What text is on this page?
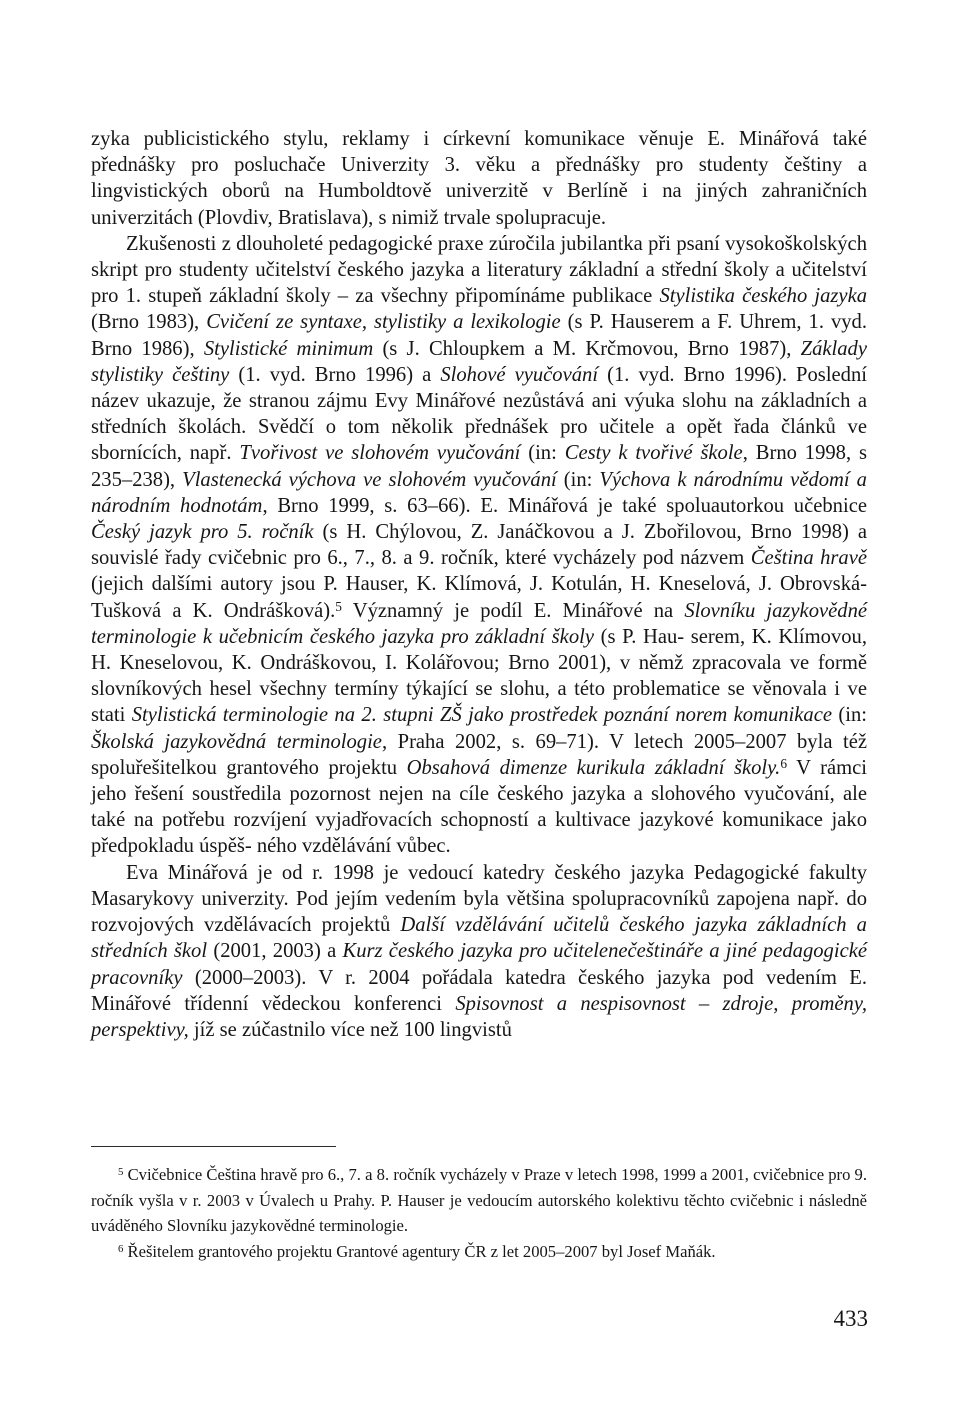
zyka publicistického stylu, reklamy i církevní komunikace věnuje E. Minářová také přednášky pro posluchače Univerzity 3. věku a přednášky pro studenty češtiny a lingvistických oborů na Humboldtově univerzitě v Berlíně i na jiných zahraničních univerzitách (Plovdiv, Bratislava), s nimiž trvale spolupracuje.

Zkušenosti z dlouholeté pedagogické praxe zúročila jubilantka při psaní vysokoškolských skript pro studenty učitelství českého jazyka a literatury základní a střední školy a učitelství pro 1. stupeň základní školy – za všechny připomínáme publikace Stylistika českého jazyka (Brno 1983), Cvičení ze syntaxe, stylistiky a lexikologie (s P. Hauserem a F. Uhrem, 1. vyd. Brno 1986), Stylistické minimum (s J. Chloupkem a M. Krčmovou, Brno 1987), Základy stylistiky češtiny (1. vyd. Brno 1996) a Slohové vyučování (1. vyd. Brno 1996). Poslední název ukazuje, že stranou zájmu Evy Minářové nezůstává ani výuka slohu na základních a středních školách. Svědčí o tom několik přednášek pro učitele a opět řada článků ve sbornících, např. Tvořivost ve slohovém vyučování (in: Cesty k tvořivé škole, Brno 1998, s 235–238), Vlastenecká výchova ve slohovém vyučování (in: Výchova k národnímu vědomí a národním hodnotám, Brno 1999, s. 63–66). E. Minářová je také spoluautorkou učebnice Český jazyk pro 5. ročník (s H. Chýlovou, Z. Janáčkovou a J. Zbořilovou, Brno 1998) a souvislé řady cvičebnic pro 6., 7., 8. a 9. ročník, které vycházely pod názvem Čeština hravě (jejich dalšími autory jsou P. Hauser, K. Klímová, J. Kotulán, H. Kneselová, J. Obrovská-Tušková a K. Ondrášková).$^5$ Významný je podíl E. Minářové na Slovníku jazykovědné terminologie k učebnicím českého jazyka pro základní školy (s P. Hau- serem, K. Klímovou, H. Kneselovou, K. Ondráškovou, I. Kolářovou; Brno 2001), v němž zpracovala ve formě slovníkových hesel všechny termíny týkající se slohu, a této problematice se věnovala i ve stati Stylistická terminologie na 2. stupni ZŠ jako prostředek poznání norem komunikace (in: Školská jazykovědná terminologie, Praha 2002, s. 69–71). V letech 2005–2007 byla též spoluřešitelkou grantového projektu Obsahová dimenze kurikula základní školy.$^6$ V rámci jeho řešení soustředila pozornost nejen na cíle českého jazyka a slohového vyučování, ale také na potřebu rozvíjení vyjadřovacích schopností a kultivace jazykové komunikace jako předpokladu úspěš- ného vzdělávání vůbec.

Eva Minářová je od r. 1998 je vedoucí katedry českého jazyka Pedagogické fakulty Masarykovy univerzity. Pod jejím vedením byla většina spolupracovníků zapojena např. do rozvojových vzdělávacích projektů Další vzdělávání učitelů českého jazyka základních a středních škol (2001, 2003) a Kurz českého jazyka pro učitelenečeštináře a jiné pedagogické pracovníky (2000–2003). V r. 2004 pořádala katedra českého jazyka pod vedením E. Minářové třídenní vědeckou konferenci Spisovnost a nespisovnost – zdroje, proměny, perspektivy, jíž se zúčastnilo více než 100 lingvistů

$^5$ Cvičebnice Čeština hravě pro 6., 7. a 8. ročník vycházely v Praze v letech 1998, 1999 a 2001, cvičebnice pro 9. ročník vyšla v r. 2003 v Úvalech u Prahy. P. Hauser je vedoucím autorského kolektivu těchto cvičebnic i následně uváděného Slovníku jazykovědné terminologie.

$^6$ Řešitelem grantového projektu Grantové agentury ČR z let 2005–2007 byl Josef Maňák.

433
